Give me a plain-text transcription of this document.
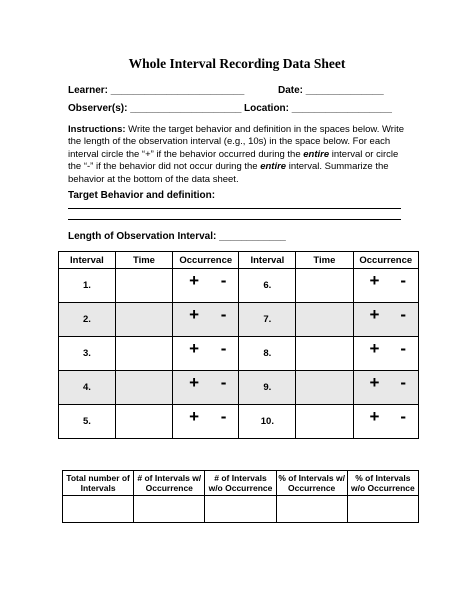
Whole Interval Recording Data Sheet
Learner: ________________________	Date: ______________
Observer(s): ____________________ Location: __________________
Instructions: Write the target behavior and definition in the spaces below. Write the length of the observation interval (e.g., 10s) in the space below. For each interval circle the “+” if the behavior occurred during the entire interval or circle the “-” if the behavior did not occur during the entire interval. Summarize the behavior at the bottom of the data sheet.
Target Behavior and definition:
Length of Observation Interval: ____________
Interval	Time	Occurrence	Interval	Time	Occurrence
1.		+ -	6.		+ -

2.		+ -	7.		+ -

3.		+ -	8.		+ -

4.		+ -	9.		+ -

5.		+ -	10.		+ -
Total number of Intervals	# of Intervals w/ Occurrence	# of Intervals w/o Occurrence	% of Intervals w/ Occurrence	% of Intervals w/o Occurrence
